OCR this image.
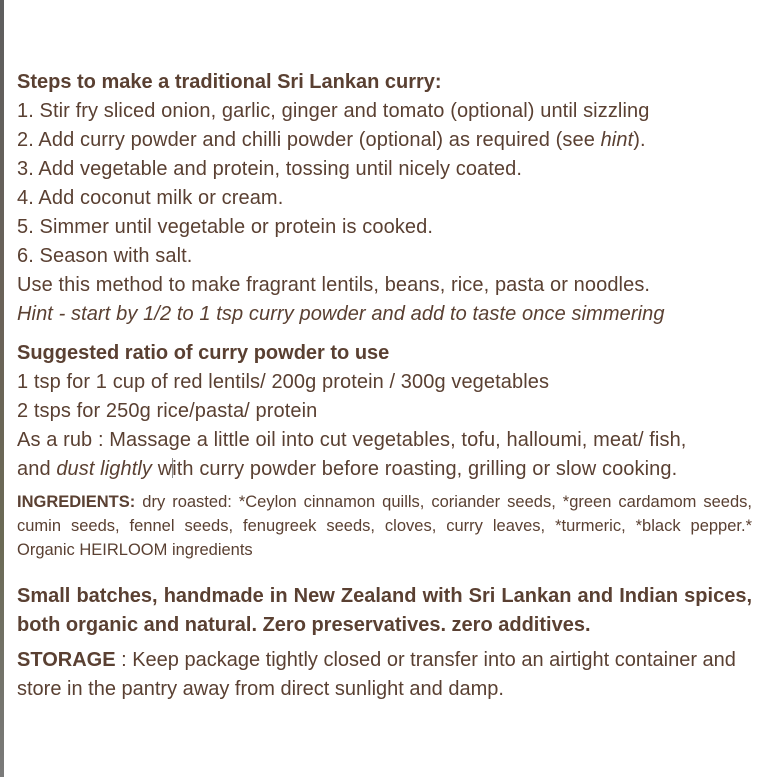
Steps to make a traditional Sri Lankan curry:
1. Stir fry sliced onion, garlic, ginger and tomato (optional) until sizzling
2. Add curry powder and chilli powder (optional) as required (see hint).
3. Add vegetable and protein, tossing until nicely coated.
4. Add coconut milk or cream.
5. Simmer until vegetable or protein is cooked.
6. Season with salt.
Use this method to make fragrant lentils, beans, rice, pasta or noodles.
Hint - start by 1/2 to 1 tsp curry powder and add to taste once simmering
Suggested ratio of curry powder to use
1 tsp for 1 cup of red lentils/ 200g protein / 300g vegetables
2 tsps for 250g rice/pasta/ protein
As a rub : Massage a little oil into cut vegetables, tofu, halloumi, meat/ fish,
and dust lightly with curry powder before roasting, grilling or slow cooking.
INGREDIENTS: dry roasted: *Ceylon cinnamon quills, coriander seeds, *green cardamom seeds, cumin seeds, fennel seeds, fenugreek seeds, cloves, curry leaves, *turmeric, *black pepper.* Organic HEIRLOOM ingredients
Small batches, handmade in New Zealand with Sri Lankan and Indian spices, both organic and natural. Zero preservatives. zero additives.
STORAGE : Keep package tightly closed or transfer into an airtight container and store in the pantry away from direct sunlight and damp.
